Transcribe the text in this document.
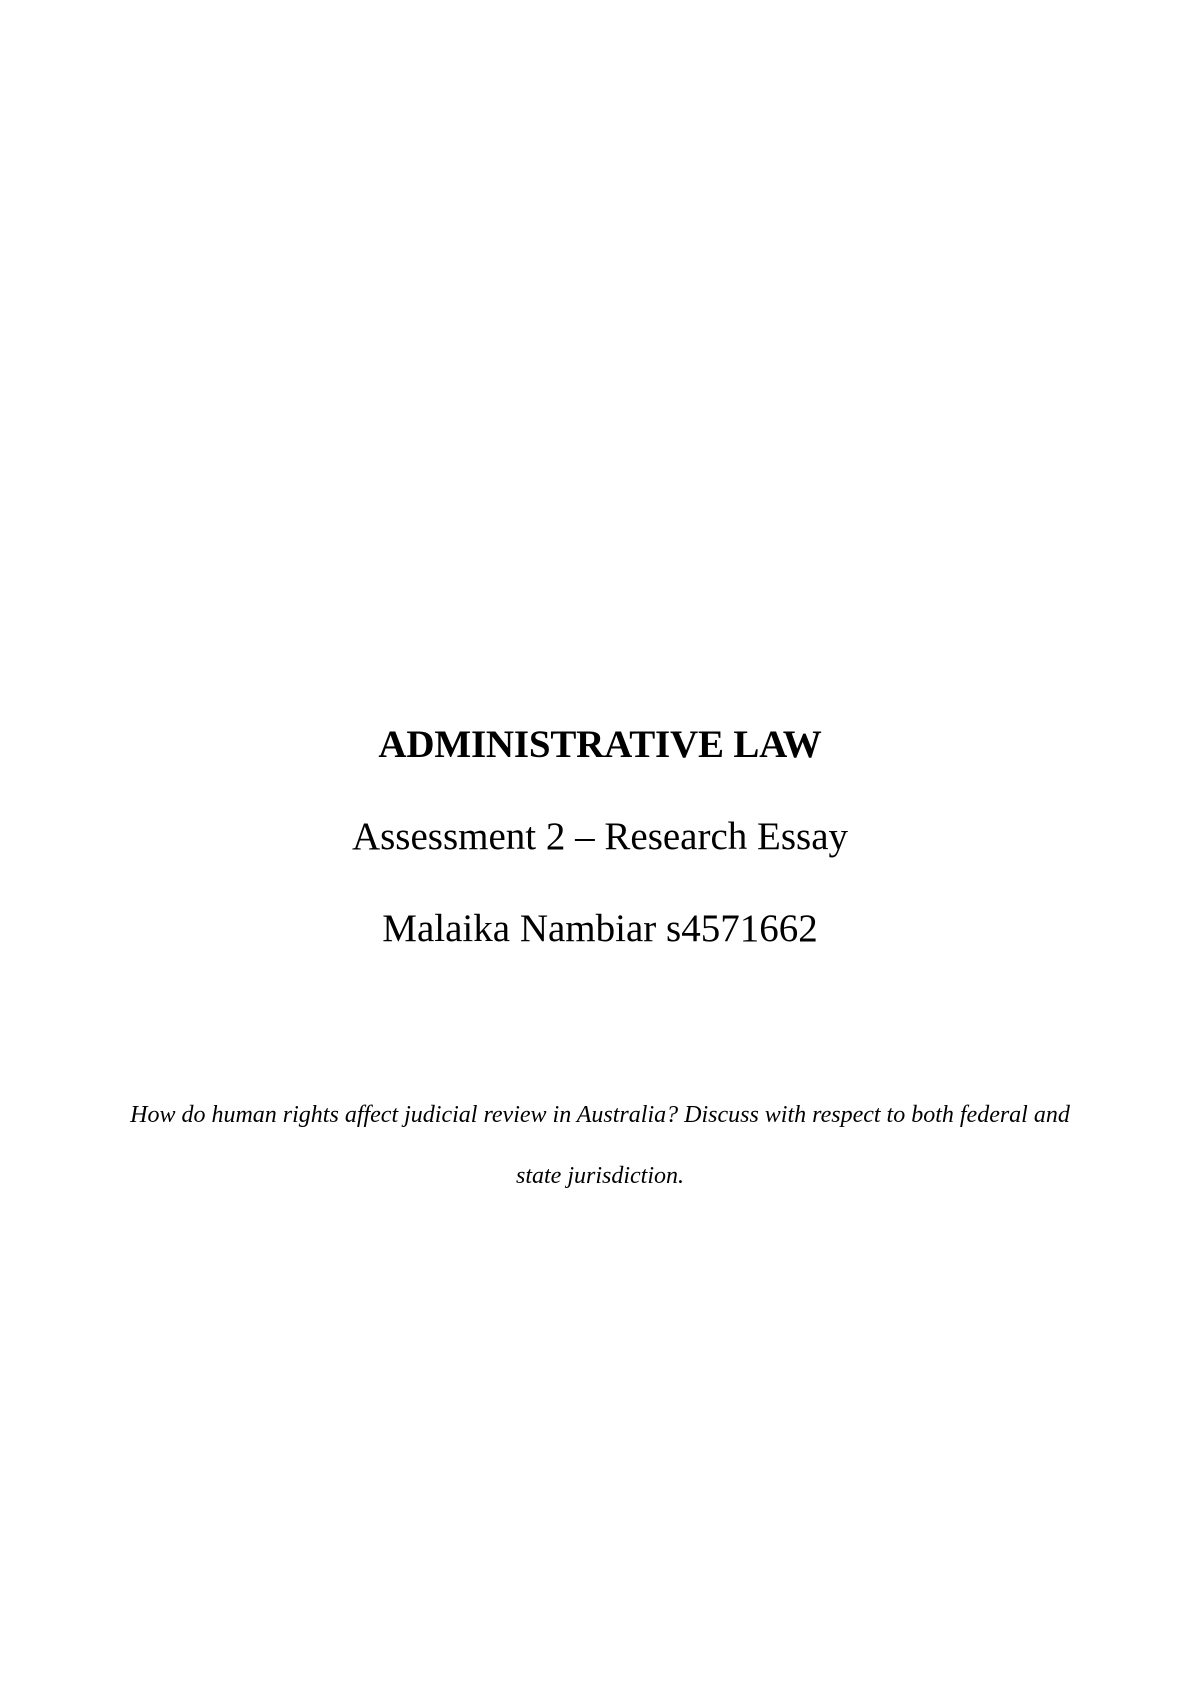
ADMINISTRATIVE LAW
Assessment 2 – Research Essay
Malaika Nambiar s4571662
How do human rights affect judicial review in Australia? Discuss with respect to both federal and state jurisdiction.
